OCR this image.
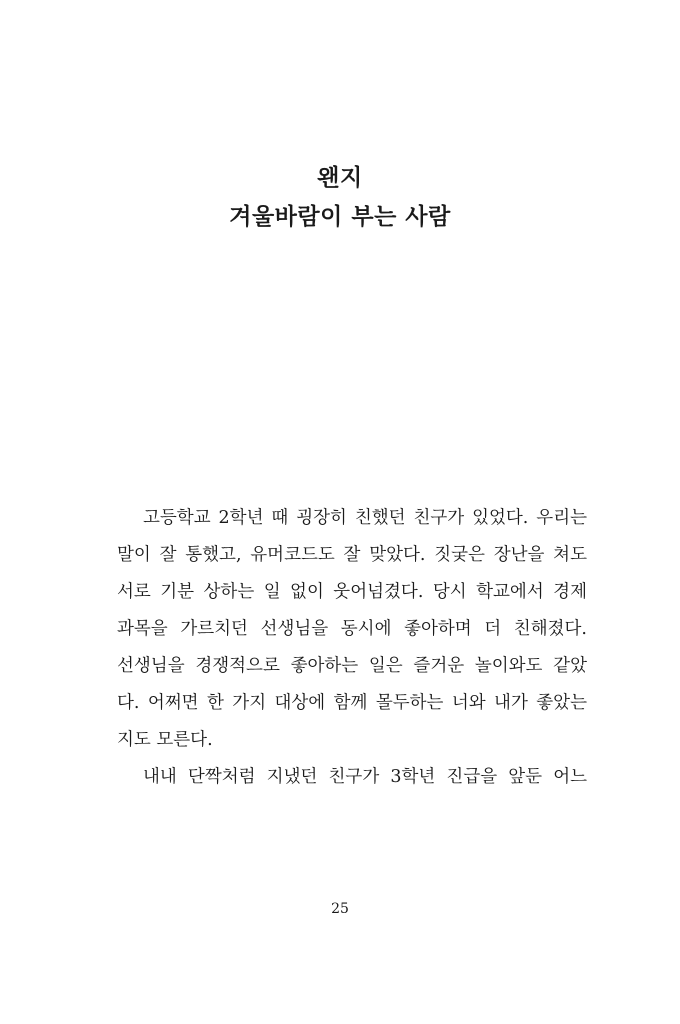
왠지
겨울바람이 부는 사람
고등학교 2학년 때 굉장히 친했던 친구가 있었다. 우리는
말이 잘 통했고, 유머코드도 잘 맞았다. 짓궂은 장난을 쳐도
서로 기분 상하는 일 없이 웃어넘겼다. 당시 학교에서 경제
과목을 가르치던 선생님을 동시에 좋아하며 더 친해졌다.
선생님을 경쟁적으로 좋아하는 일은 즐거운 놀이와도 같았
다. 어쩌면 한 가지 대상에 함께 몰두하는 너와 내가 좋았는
지도 모른다.
내내 단짝처럼 지냈던 친구가 3학년 진급을 앞둔 어느
25
